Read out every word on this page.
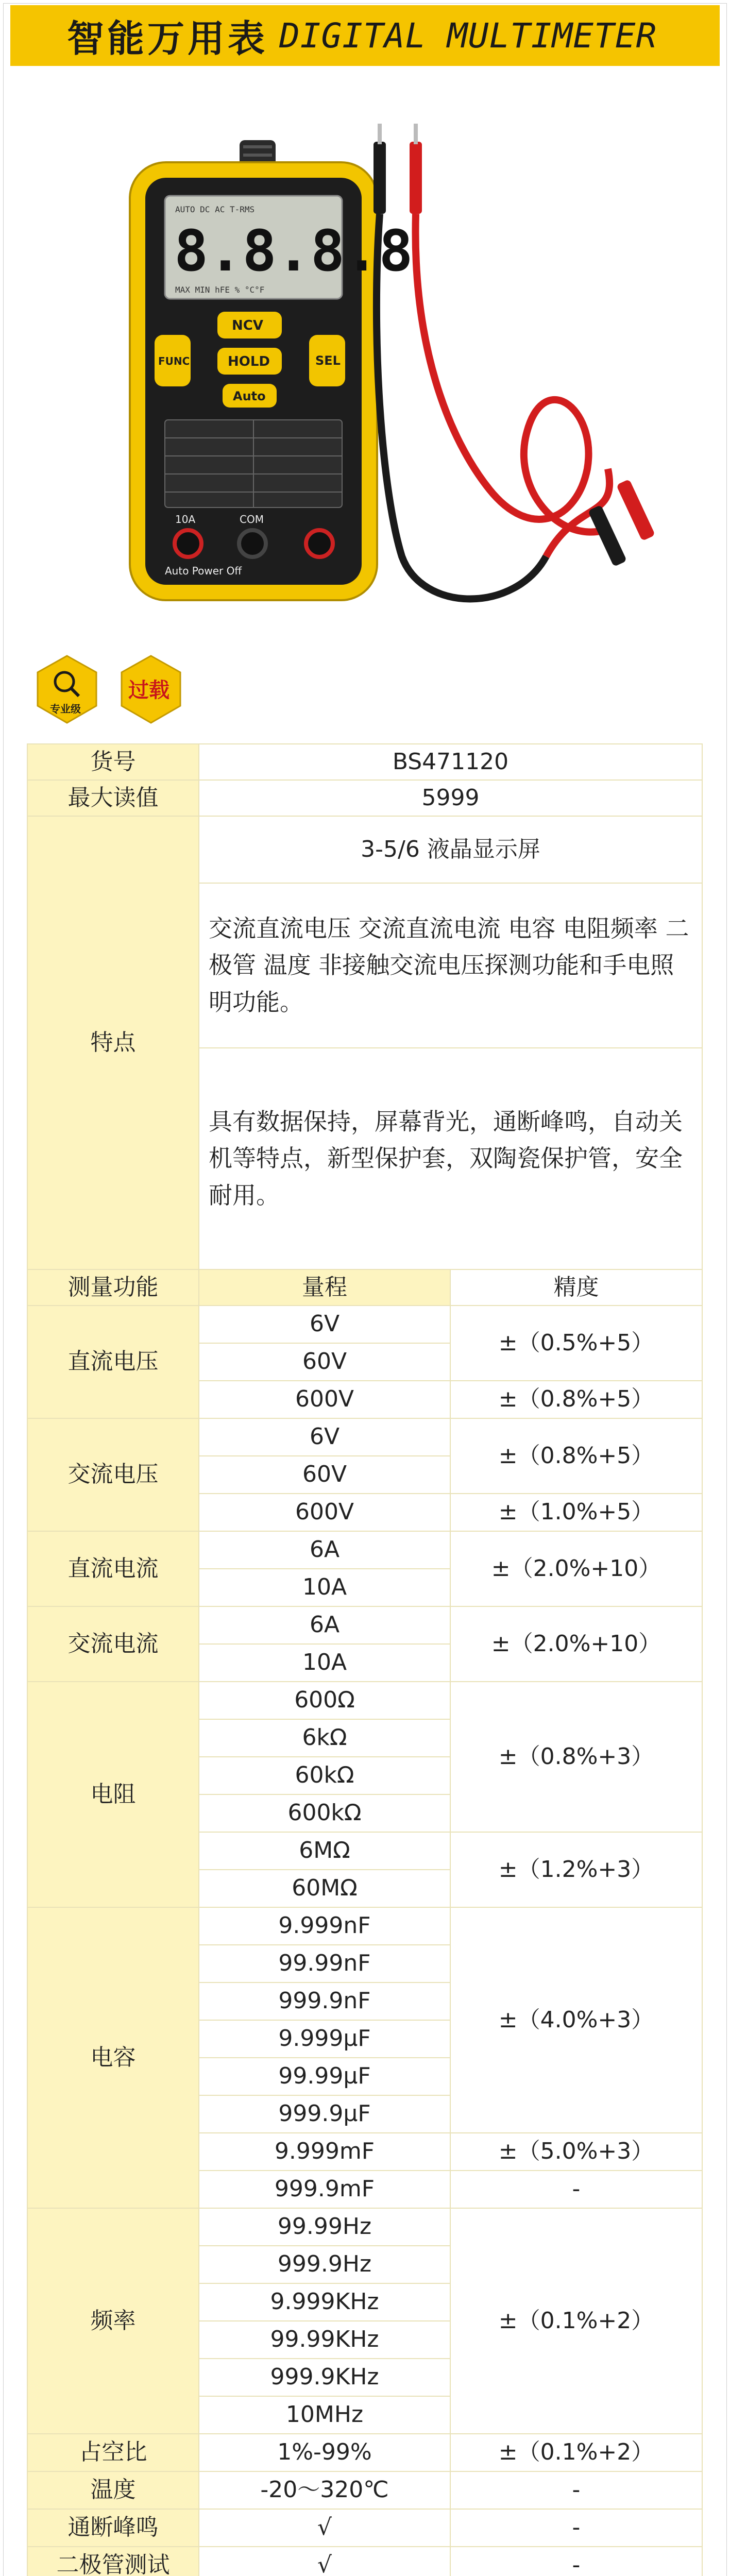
智能万用表 DIGITAL MULTIMETER
AUTO DC AC T-RMS
8.8.8.8
MAX MIN hFE % °C°F
NCV
FUNC	HOLD	SEL
Auto
10A	COM
Auto Power Off
专业级
过载
货号	BS471120	
最大读值	5999	
特点	3-5/6 液晶显示屏	
	交流直流电压 交流直流电流 电容 电阻频率 二极管 温度 非接触交流电压探测功能和手电照明功能。	
	具有数据保持，屏幕背光，通断峰鸣，自动关机等特点，新型保护套，双陶瓷保护管，安全耐用。	
测量功能	量程	精度
直流电压	6V	±（0.5%+5）
	60V	
	600V	±（0.8%+5）
交流电压	6V	±（0.8%+5）
	60V	
	600V	±（1.0%+5）
直流电流	6A	±（2.0%+10）
	10A	
交流电流	6A	±（2.0%+10）
	10A	
电阻	600Ω	±（0.8%+3）
	6kΩ	
	60kΩ	
	600kΩ	
	6MΩ	±（1.2%+3）
	60MΩ	
电容	9.999nF	±（4.0%+3）
	99.99nF	
	999.9nF	
	9.999μF	
	99.99μF	
	999.9μF	
	9.999mF	±（5.0%+3）
	999.9mF	-
频率	99.99Hz	±（0.1%+2）
	999.9Hz	
	9.999KHz	
	99.99KHz	
	999.9KHz	
	10MHz	
占空比	1%-99%	±（0.1%+2）
温度	-20～320℃	-
通断峰鸣	√	-
二极管测试	√	-
